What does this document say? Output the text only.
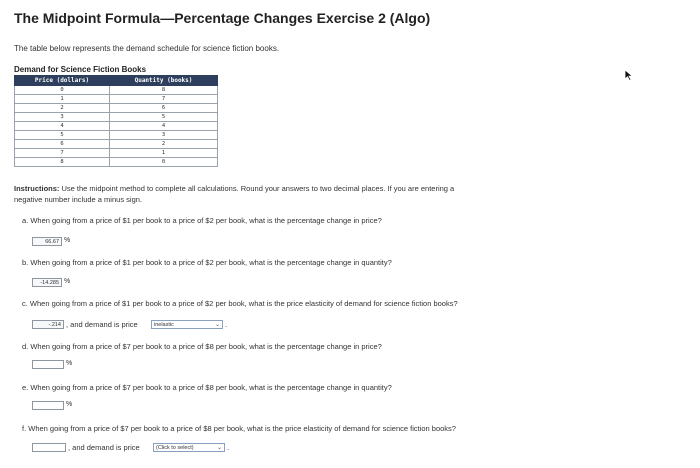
The Midpoint Formula—Percentage Changes Exercise 2 (Algo)
The table below represents the demand schedule for science fiction books.
Demand for Science Fiction Books
Price (dollars)	Quantity (books)
0	8
1	7
2	6
3	5
4	4
5	3
6	2
7	1
8	0
Instructions: Use the midpoint method to complete all calculations. Round your answers to two decimal places. If you are entering a
negative number include a minus sign.
a. When going from a price of $1 per book to a price of $2 per book, what is the percentage change in price?
66.67 %
b. When going from a price of $1 per book to a price of $2 per book, what is the percentage change in quantity?
-14.285 %
c. When going from a price of $1 per book to a price of $2 per book, what is the price elasticity of demand for science fiction books?
-.214 , and demand is price	inelastic	⌄ .
d. When going from a price of $7 per book to a price of $8 per book, what is the percentage change in price?
%
e. When going from a price of $7 per book to a price of $8 per book, what is the percentage change in quantity?
%
f. When going from a price of $7 per book to a price of $8 per book, what is the price elasticity of demand for science fiction books?
, and demand is price	(Click to select)	⌄ .
